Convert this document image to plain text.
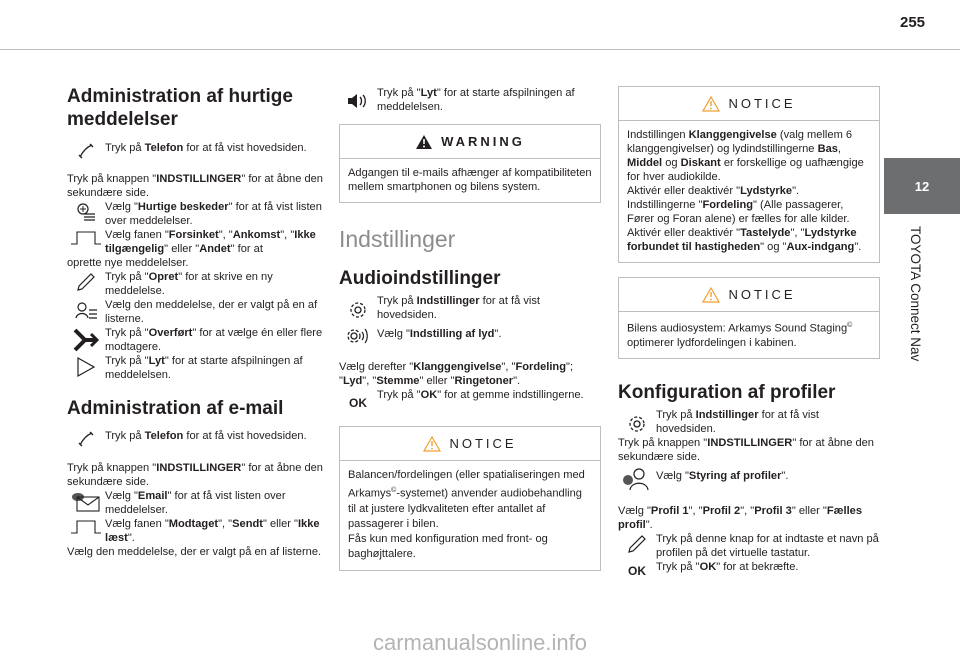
255
12
TOYOTA Connect Nav
Administration af hurtige meddelelser

Tryk på Telefon for at få vist hovedsiden.

Tryk på knappen "INDSTILLINGER" for at åbne den sekundære side.

Vælg "Hurtige beskeder" for at få vist listen over meddelelser.

Vælg fanen "Forsinket", "Ankomst", "Ikke tilgængelig" eller "Andet" for at

oprette nye meddelelser.

Tryk på "Opret" for at skrive en ny meddelelse.

Vælg den meddelelse, der er valgt på en af listerne.

Tryk på "Overført" for at vælge én eller flere modtagere.

Tryk på "Lyt" for at starte afspilningen af meddelelsen.

Administration af e-mail

Tryk på Telefon for at få vist hovedsiden.

Tryk på knappen "INDSTILLINGER" for at åbne den sekundære side.

Vælg "Email" for at få vist listen over meddelelser.

Vælg fanen "Modtaget", "Sendt" eller "Ikke læst".

Vælg den meddelelse, der er valgt på en af listerne.

Tryk på "Lyt" for at starte afspilningen af meddelelsen.

WARNING
Adgangen til e-mails afhænger af kompatibiliteten mellem smartphonen og bilens system.
Indstillinger
Audioindstillinger

Tryk på Indstillinger for at få vist hovedsiden.

Vælg "Indstilling af lyd".

Vælg derefter "Klanggengivelse", "Fordeling"; "Lyd", "Stemme" eller "Ringetoner".

OK

Tryk på "OK" for at gemme indstillingerne.

NOTICE
Balancen/fordelingen (eller spatialiseringen med Arkamys©-systemet) anvender audiobehandling til at justere lydkvaliteten efter antallet af passagerer i bilen.
Fås kun med konfiguration med front- og baghøjttalere.
NOTICE
Indstillingen Klanggengivelse (valg mellem 6 klanggengivelser) og lydindstillingerne Bas, Middel og Diskant er forskellige og uafhængige for hver audiokilde.
Aktivér eller deaktivér "Lydstyrke".
Indstillingerne "Fordeling" (Alle passagerer, Fører og Foran alene) er fælles for alle kilder.
Aktivér eller deaktivér "Tastelyde", "Lydstyrke forbundet til hastigheden" og "Aux-indgang".
NOTICE
Bilens audiosystem: Arkamys Sound Staging© optimerer lydfordelingen i kabinen.
Konfiguration af profiler

Tryk på Indstillinger for at få vist hovedsiden.

Tryk på knappen "INDSTILLINGER" for at åbne den sekundære side.

Vælg "Styring af profiler".

Vælg "Profil 1", "Profil 2", "Profil 3" eller "Fælles profil".

Tryk på denne knap for at indtaste et navn på profilen på det virtuelle tastatur.

OK Tryk på "OK" for at bekræfte.

carmanualsonline.info
